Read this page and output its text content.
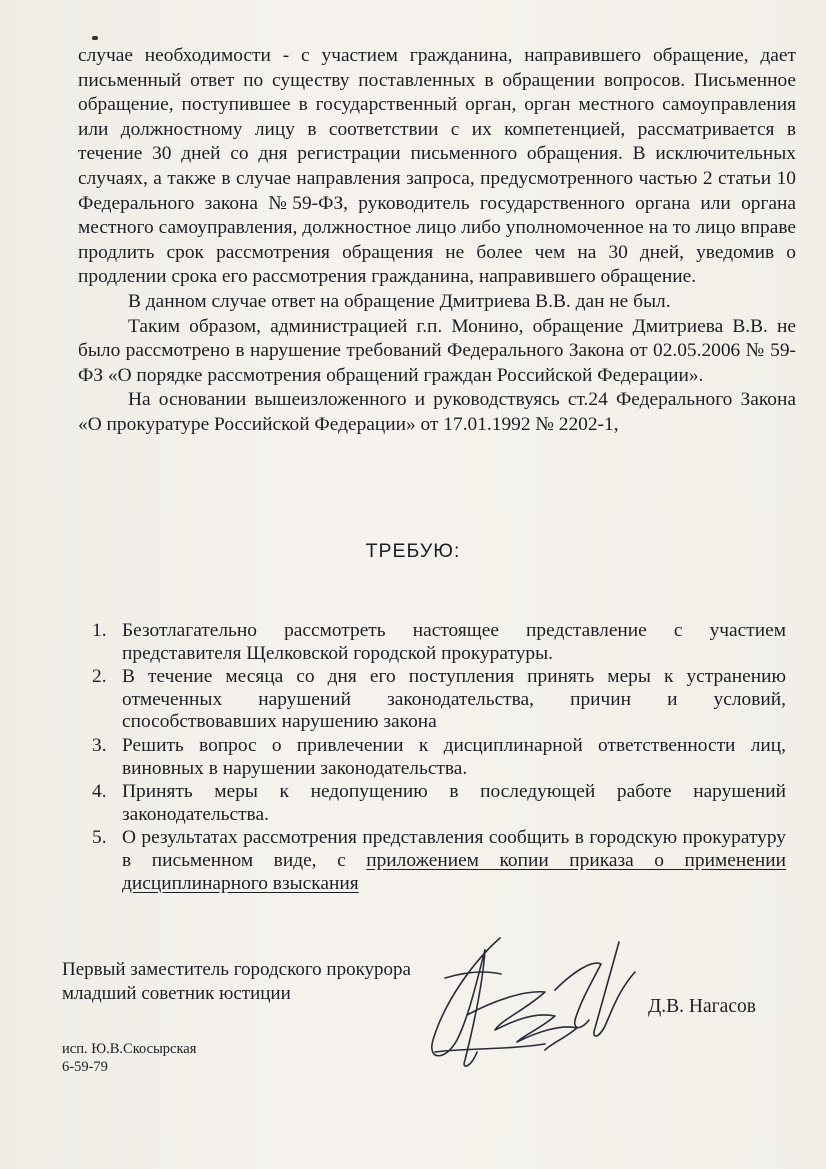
случае необходимости - с участием гражданина, направившего обращение, дает письменный ответ по существу поставленных в обращении вопросов. Письменное обращение, поступившее в государственный орган, орган местного самоуправления или должностному лицу в соответствии с их компетенцией, рассматривается в течение 30 дней со дня регистрации письменного обращения. В исключительных случаях, а также в случае направления запроса, предусмотренного частью 2 статьи 10 Федерального закона №59-ФЗ, руководитель государственного органа или органа местного самоуправления, должностное лицо либо уполномоченное на то лицо вправе продлить срок рассмотрения обращения не более чем на 30 дней, уведомив о продлении срока его рассмотрения гражданина, направившего обращение.

В данном случае ответ на обращение Дмитриева В.В. дан не был.

Таким образом, администрацией г.п. Монино, обращение Дмитриева В.В. не было рассмотрено в нарушение требований Федерального Закона от 02.05.2006 № 59-ФЗ «О порядке рассмотрения обращений граждан Российской Федерации».

На основании вышеизложенного и руководствуясь ст.24 Федерального Закона «О прокуратуре Российской Федерации» от 17.01.1992 № 2202-1,

ТРЕБУЮ:
1. Безотлагательно рассмотреть настоящее представление с участием представителя Щелковской городской прокуратуры.
2. В течение месяца со дня его поступления принять меры к устранению отмеченных нарушений законодательства, причин и условий, способствовавших нарушению закона
3. Решить вопрос о привлечении к дисциплинарной ответственности лиц, виновных в нарушении законодательства.
4. Принять меры к недопущению в последующей работе нарушений законодательства.
5. О результатах рассмотрения представления сообщить в городскую прокуратуру в письменном виде, с приложением копии приказа о применении дисциплинарного взыскания
Первый заместитель городского прокурора
младший советник юстиции
Д.В. Нагасов
исп. Ю.В.Скосырская
6-59-79
